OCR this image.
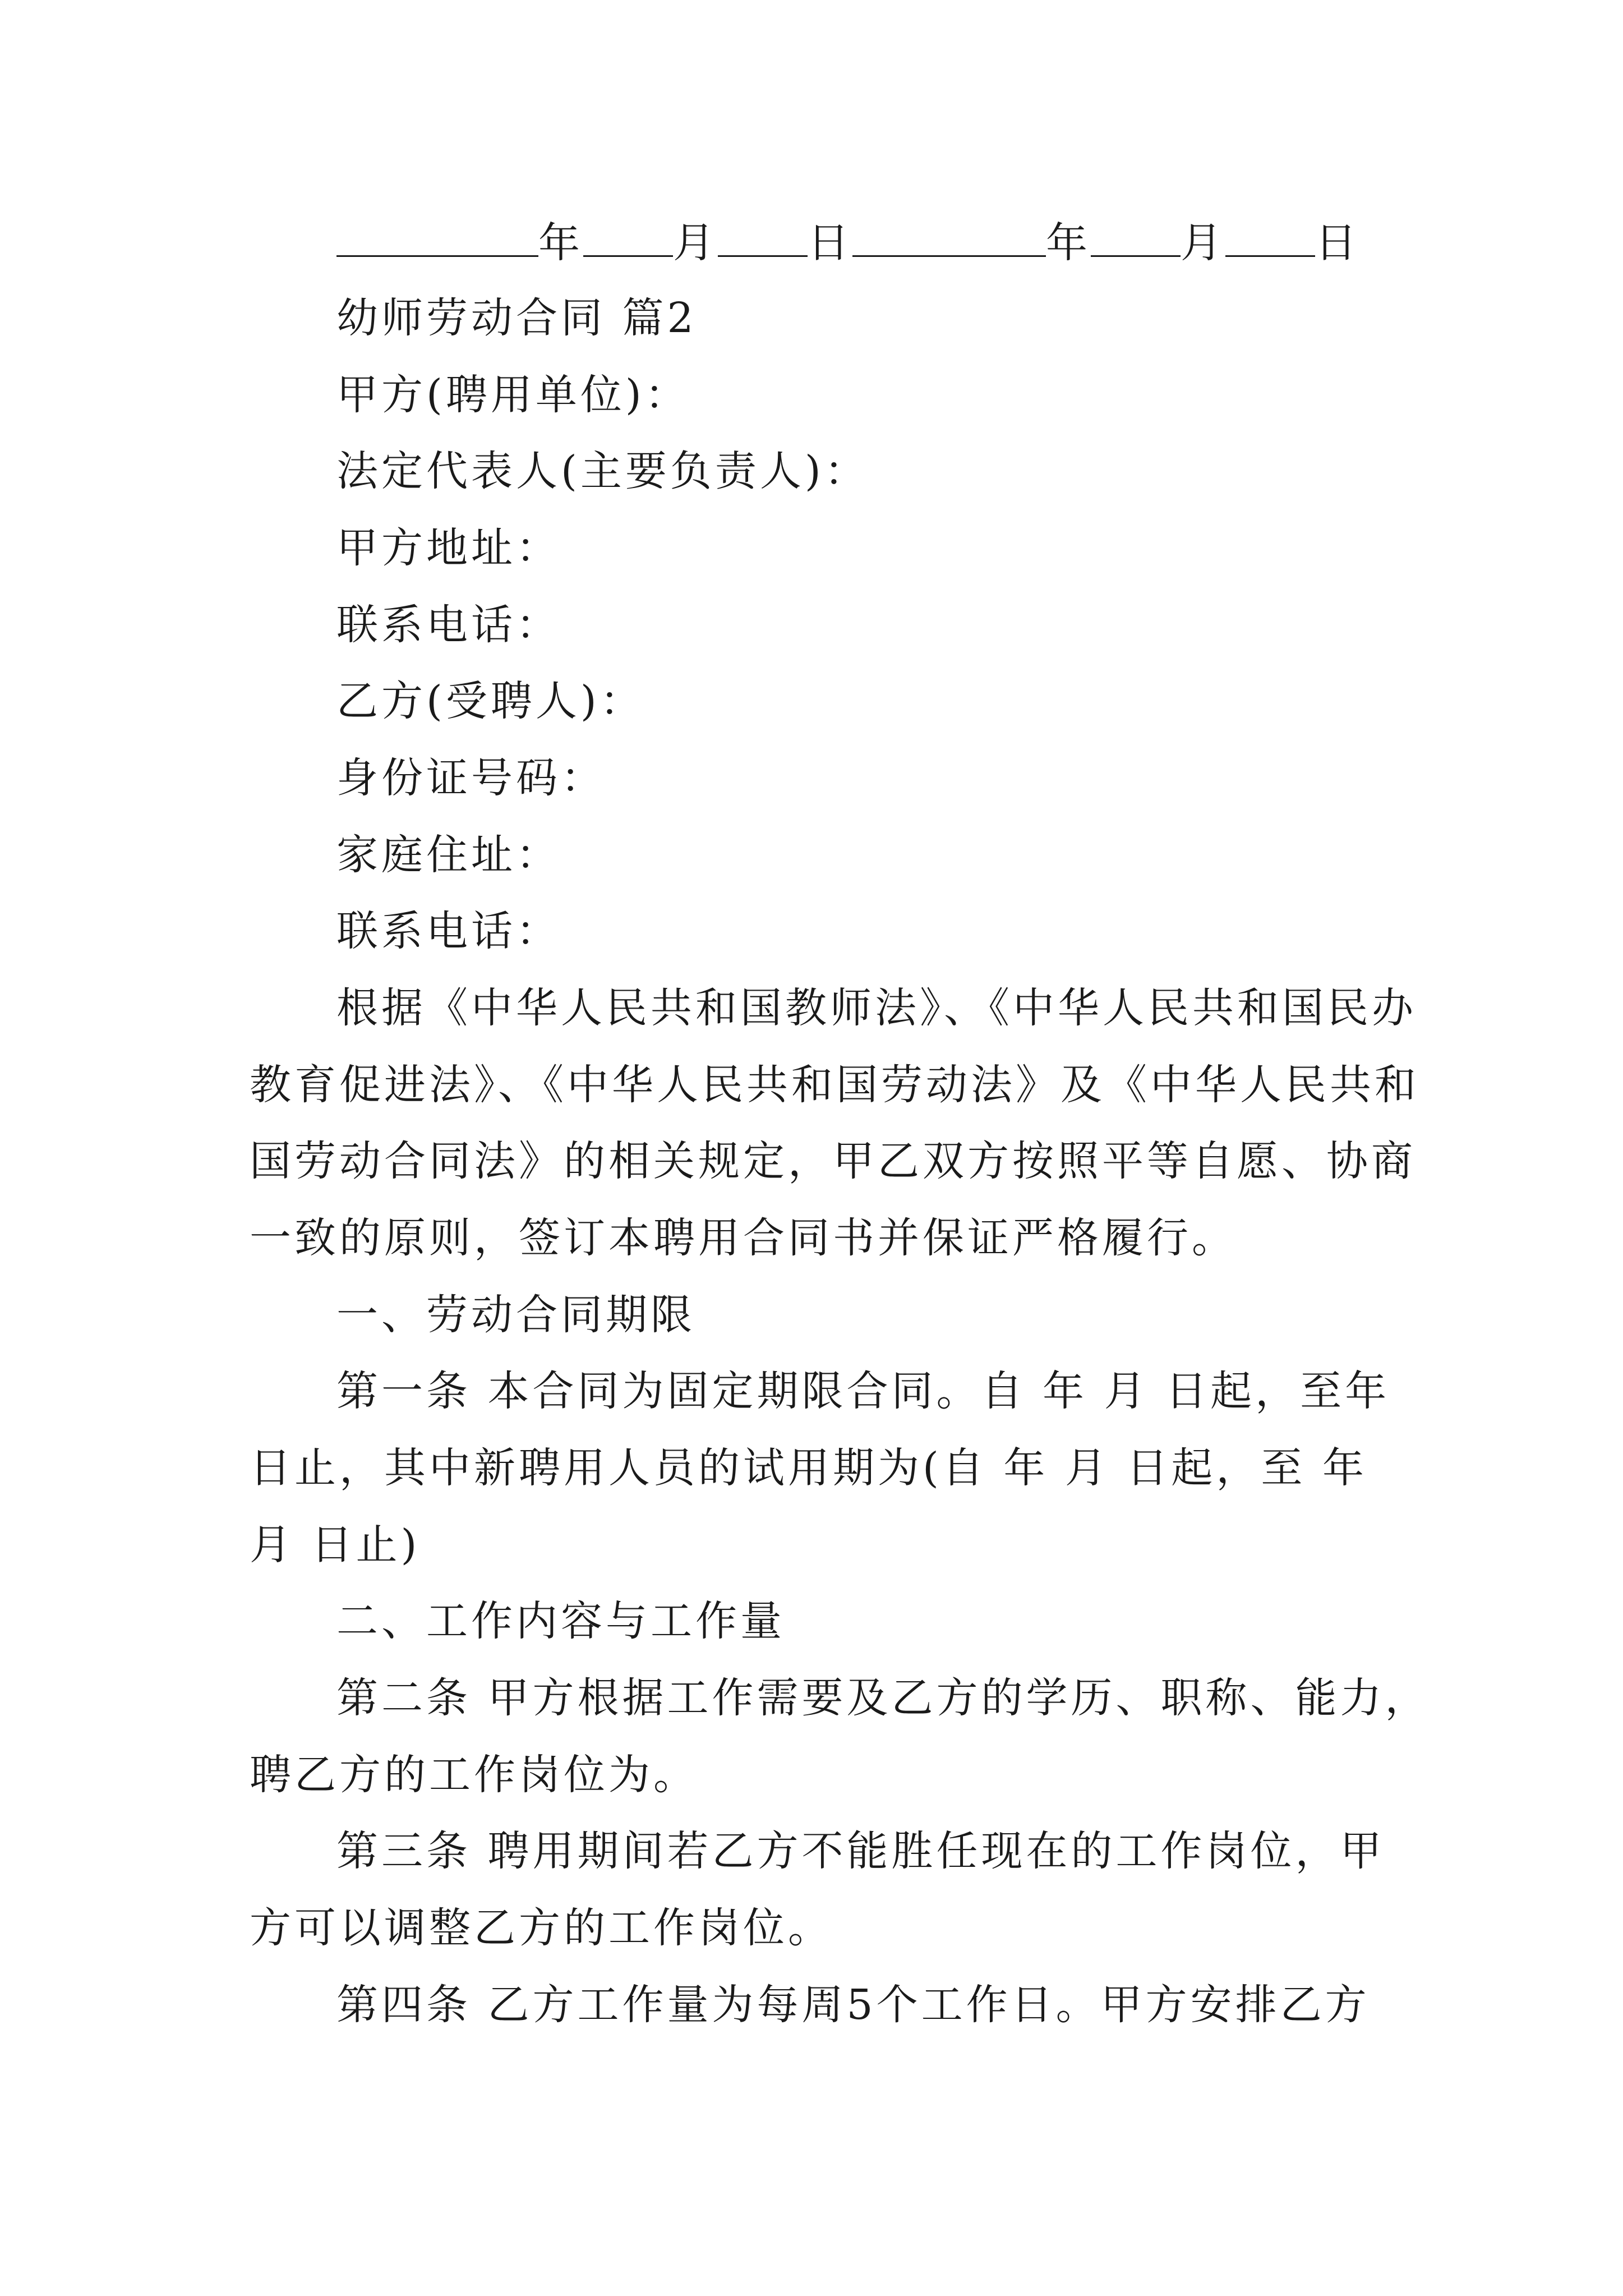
年 月 日	年 月 日
幼师劳动合同 篇2
甲方(聘用单位)：
法定代表人(主要负责人)：
甲方地址：
联系电话：
乙方(受聘人)：
身份证号码：
家庭住址：
联系电话：
根据《中华人民共和国教师法》、《中华人民共和国民办
教育促进法》、《中华人民共和国劳动法》及《中华人民共和
国劳动合同法》的相关规定，甲乙双方按照平等自愿、协商
一致的原则，签订本聘用合同书并保证严格履行。
一、劳动合同期限
第一条 本合同为固定期限合同。自 年 月 日起，至年
日止，其中新聘用人员的试用期为(自 年 月 日起，至 年
月 日止)
二、工作内容与工作量
第二条 甲方根据工作需要及乙方的学历、职称、能力，
聘乙方的工作岗位为。
第三条 聘用期间若乙方不能胜任现在的工作岗位，甲
方可以调整乙方的工作岗位。
第四条 乙方工作量为每周5个工作日。甲方安排乙方
